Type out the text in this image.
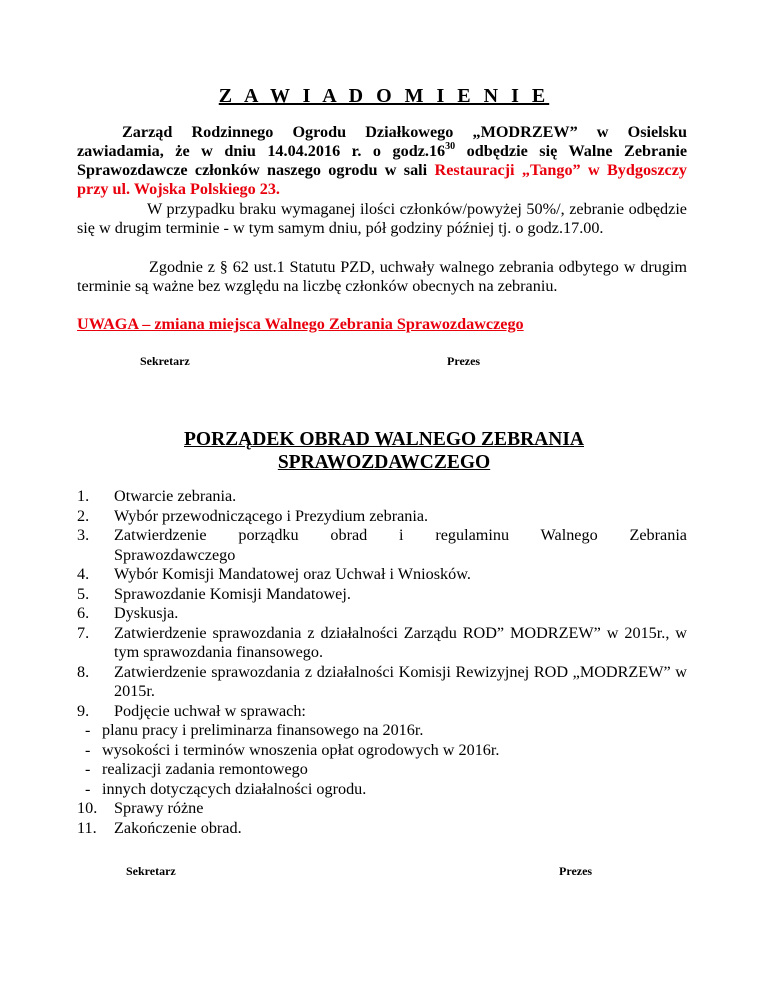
Z A W I A D O M I E N I E
Zarząd Rodzinnego Ogrodu Działkowego „MODRZEW” w Osielsku zawiadamia, że w dniu 14.04.2016 r. o $godz.16^{30}$ odbędzie się Walne Zebranie Sprawozdawcze członków naszego ogrodu w sali Restauracji „Tango” w Bydgoszczy przy ul. Wojska Polskiego 23.
W przypadku braku wymaganej ilości członków/powyżej 50%/, zebranie odbędzie się w drugim terminie - w tym samym dniu, pół godziny później tj. o godz.17.00.
Zgodnie z § 62 ust.1 Statutu PZD, uchwały walnego zebrania odbytego w drugim terminie są ważne bez względu na liczbę członków obecnych na zebraniu.
UWAGA – zmiana miejsca Walnego Zebrania Sprawozdawczego
Sekretarz	Prezes
PORZĄDEK OBRAD WALNEGO ZEBRANIA
SPRAWOZDAWCZEGO
1. Otwarcie zebrania.
2. Wybór przewodniczącego i Prezydium zebrania.
3. Zatwierdzenie porządku obrad i regulaminu Walnego Zebrania
Sprawozdawczego
4. Wybór Komisji Mandatowej oraz Uchwał i Wniosków.
5. Sprawozdanie Komisji Mandatowej.
6. Dyskusja.
7. Zatwierdzenie sprawozdania z działalności Zarządu ROD” MODRZEW” w 2015r., w tym sprawozdania finansowego.
8. Zatwierdzenie sprawozdania z działalności Komisji Rewizyjnej ROD „MODRZEW” w 2015r.
9. Podjęcie uchwał w sprawach:
- planu pracy i preliminarza finansowego na 2016r.
- wysokości i terminów wnoszenia opłat ogrodowych w 2016r.
- realizacji zadania remontowego
- innych dotyczących działalności ogrodu.
10. Sprawy różne
11. Zakończenie obrad.
Sekretarz	Prezes
